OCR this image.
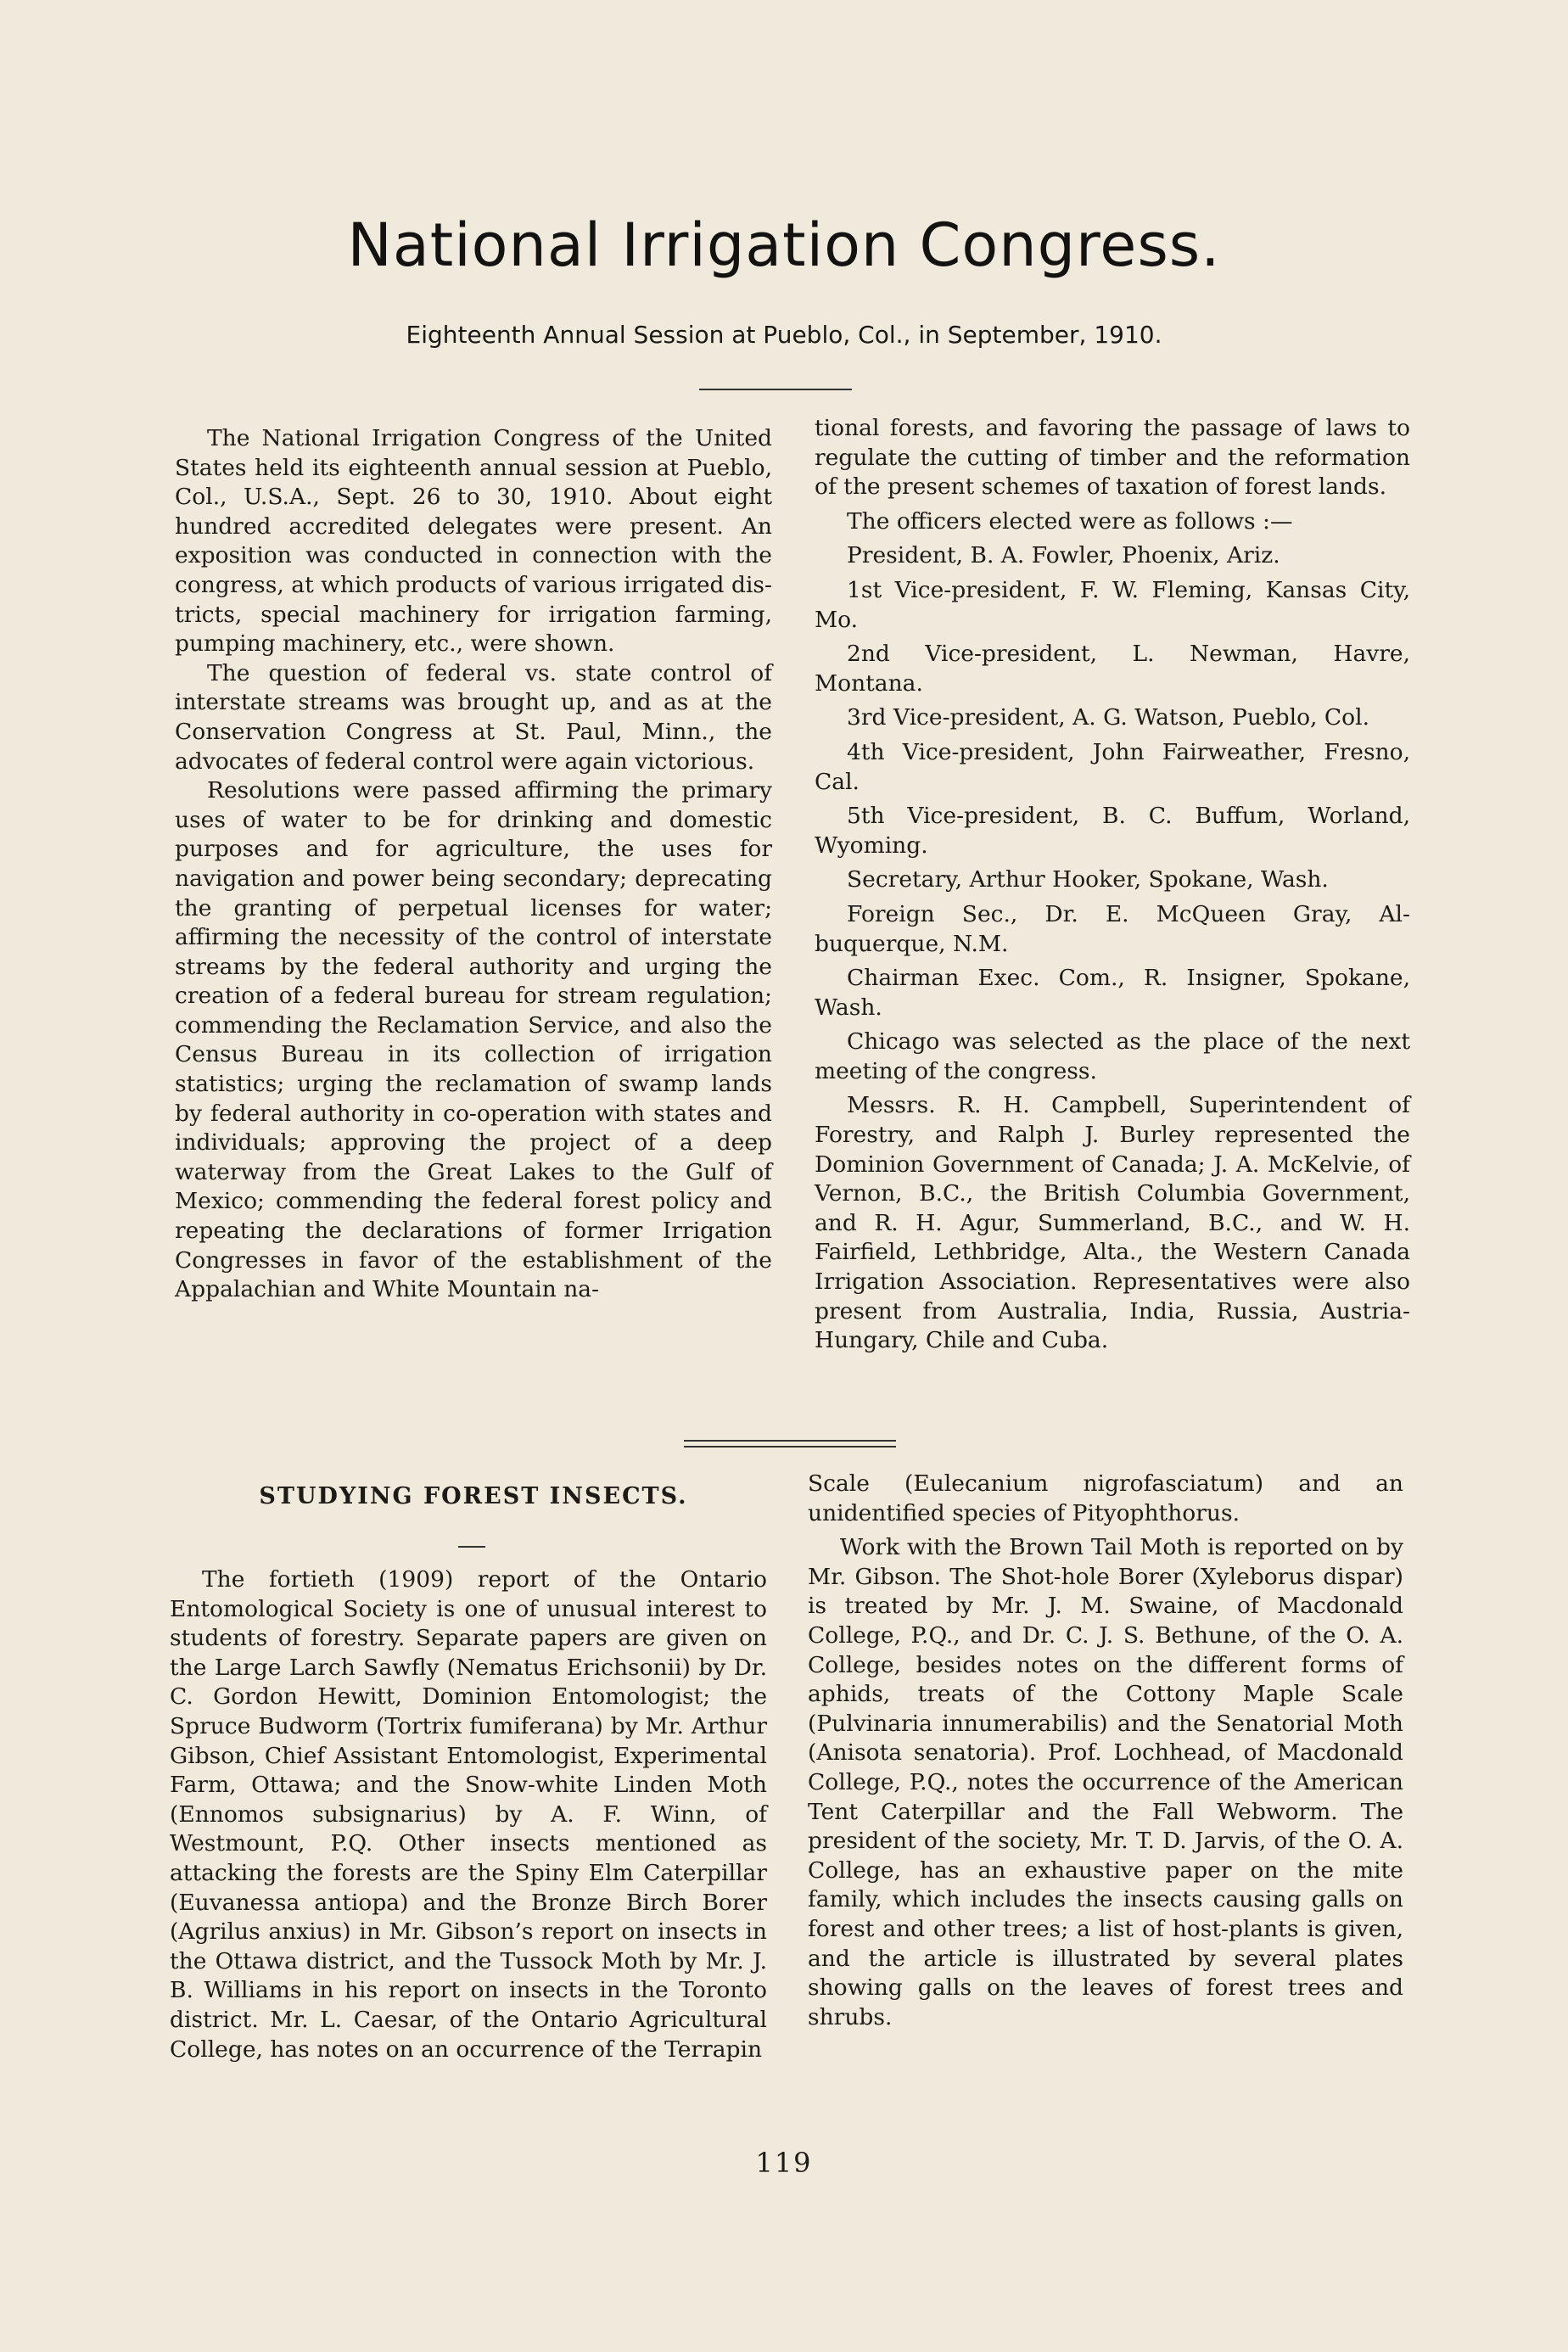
National Irrigation Congress.
Eighteenth Annual Session at Pueblo, Col., in September, 1910.

The National Irrigation Congress of the United States held its eighteenth annual session at Pueblo, Col., U.S.A., Sept. 26 to 30, 1910. About eight hundred accredited delegates were present. An exposition was conducted in connection with the congress, at which products of various irrigated districts, special machinery for irrigation farming, pumping machinery, etc., were shown.

The question of federal vs. state control of interstate streams was brought up, and as at the Conservation Congress at St. Paul, Minn., the advocates of federal control were again victorious.

Resolutions were passed affirming the primary uses of water to be for drinking and domestic purposes and for agriculture, the uses for navigation and power being secondary; deprecating the granting of perpetual licenses for water; affirming the necessity of the control of interstate streams by the federal authority and urging the creation of a federal bureau for stream regulation; commending the Reclamation Service, and also the Census Bureau in its collection of irrigation statistics; urging the reclamation of swamp lands by federal authority in co-operation with states and individuals; approving the project of a deep waterway from the Great Lakes to the Gulf of Mexico; commending the federal forest policy and repeating the declarations of former Irrigation Congresses in favor of the establishment of the Appalachian and White Mountain na-

tional forests, and favoring the passage of laws to regulate the cutting of timber and the reformation of the present schemes of taxation of forest lands.

The officers elected were as follows :—

President, B. A. Fowler, Phoenix, Ariz.

1st Vice-president, F. W. Fleming, Kansas City, Mo.

2nd Vice-president, L. Newman, Havre, Montana.

3rd Vice-president, A. G. Watson, Pueblo, Col.

4th Vice-president, John Fairweather, Fresno, Cal.

5th Vice-president, B. C. Buffum, Worland, Wyoming.

Secretary, Arthur Hooker, Spokane, Wash.

Foreign Sec., Dr. E. McQueen Gray, Albuquerque, N.M.

Chairman Exec. Com., R. Insigner, Spokane, Wash.

Chicago was selected as the place of the next meeting of the congress.

Messrs. R. H. Campbell, Superintendent of Forestry, and Ralph J. Burley represented the Dominion Government of Canada; J. A. McKelvie, of Vernon, B.C., the British Columbia Government, and R. H. Agur, Summerland, B.C., and W. H. Fairfield, Lethbridge, Alta., the Western Canada Irrigation Association. Representatives were also present from Australia, India, Russia, Austria-Hungary, Chile and Cuba.

STUDYING FOREST INSECTS.

The fortieth (1909) report of the Ontario Entomological Society is one of unusual interest to students of forestry. Separate papers are given on the Large Larch Sawfly (Nematus Erichsonii) by Dr. C. Gordon Hewitt, Dominion Entomologist; the Spruce Budworm (Tortrix fumiferana) by Mr. Arthur Gibson, Chief Assistant Entomologist, Experimental Farm, Ottawa; and the Snow-white Linden Moth (Ennomos subsignarius) by A. F. Winn, of Westmount, P.Q. Other insects mentioned as attacking the forests are the Spiny Elm Caterpillar (Euvanessa antiopa) and the Bronze Birch Borer (Agrilus anxius) in Mr. Gibson’s report on insects in the Ottawa district, and the Tussock Moth by Mr. J. B. Williams in his report on insects in the Toronto district. Mr. L. Caesar, of the Ontario Agricultural College, has notes on an occurrence of the Terrapin

Scale (Eulecanium nigrofasciatum) and an unidentified species of Pityophthorus.

Work with the Brown Tail Moth is reported on by Mr. Gibson. The Shot-hole Borer (Xyleborus dispar) is treated by Mr. J. M. Swaine, of Macdonald College, P.Q., and Dr. C. J. S. Bethune, of the O. A. College, besides notes on the different forms of aphids, treats of the Cottony Maple Scale (Pulvinaria innumerabilis) and the Senatorial Moth (Anisota senatoria). Prof. Lochhead, of Macdonald College, P.Q., notes the occurrence of the American Tent Caterpillar and the Fall Webworm. The president of the society, Mr. T. D. Jarvis, of the O. A. College, has an exhaustive paper on the mite family, which includes the insects causing galls on forest and other trees; a list of host-plants is given, and the article is illustrated by several plates showing galls on the leaves of forest trees and shrubs.

119
